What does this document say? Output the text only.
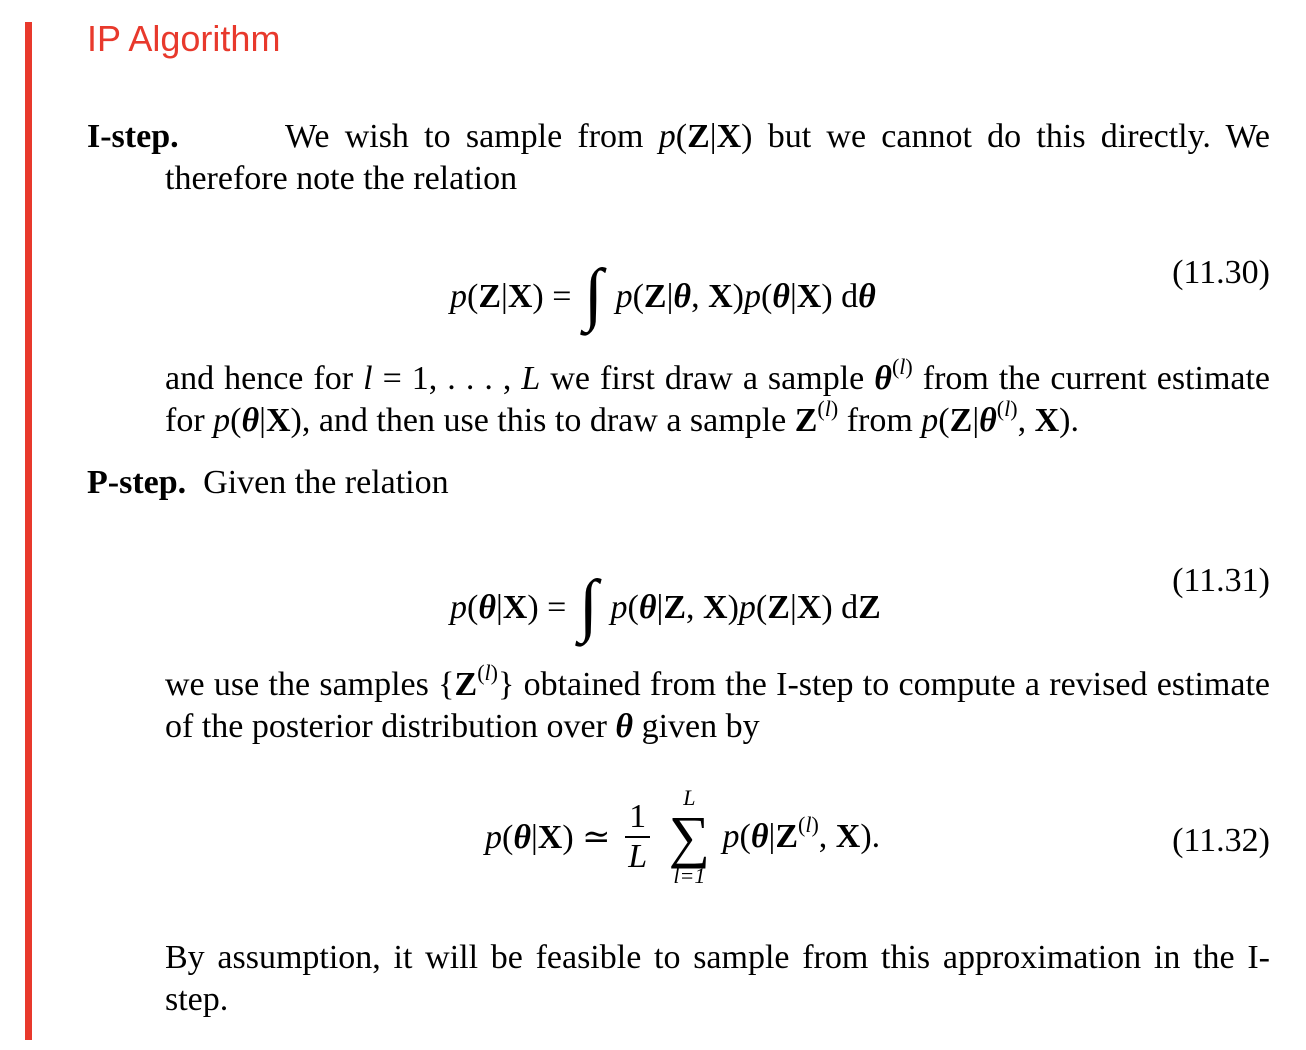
IP Algorithm
I-step.	We wish to sample from p(Z|X) but we cannot do this directly. We therefore note the relation
p(Z|X) = ∫ p(Z|θ, X)p(θ|X) dθ
(11.30)
and hence for l = 1, . . . , L we first draw a sample $\theta^{(l)}$ from the current estimate for p(θ|X), and then use this to draw a sample $Z^{(l)}$ from $p(Z|\theta^{(l)}$, X).
P-step. Given the relation
p(θ|X) = ∫ p(θ|Z, X)p(Z|X) dZ
(11.31)
we use the samples $\{Z^{(l)}\}$ obtained from the I-step to compute a revised estimate of the posterior distribution over θ given by
p(θ|X) ≃ $\frac{1}{L}$

L
∑
l=1
$p(\theta|Z^{(l)}$, X).	(11.32)
By assumption, it will be feasible to sample from this approximation in the I-step.
